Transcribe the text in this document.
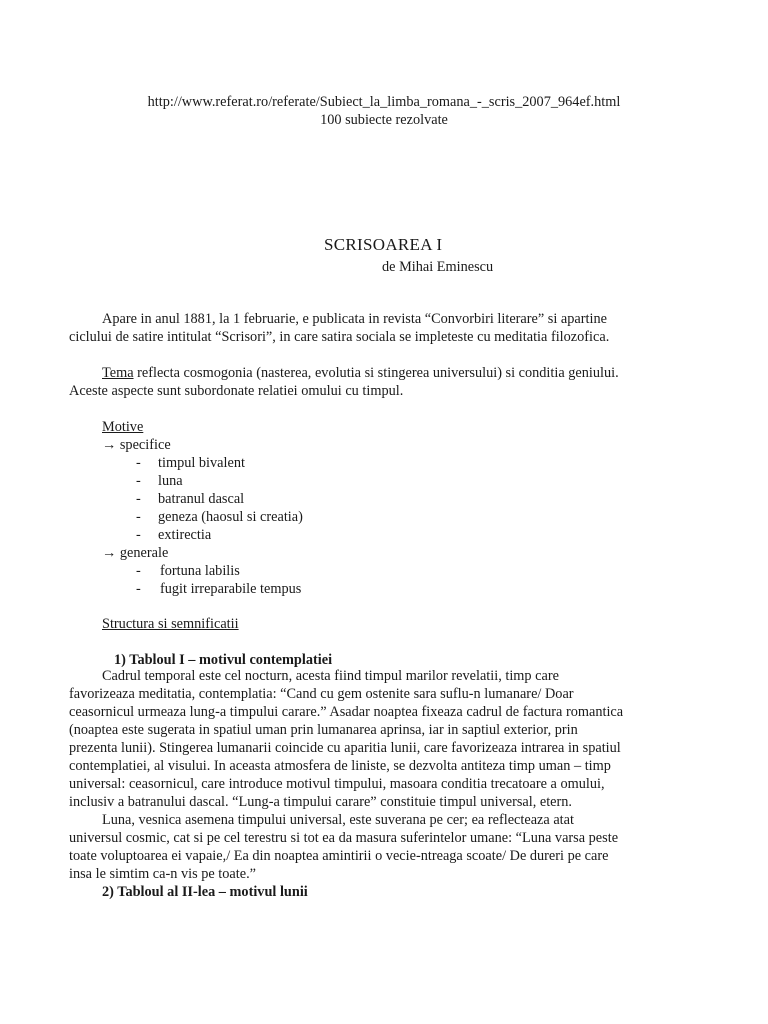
http://www.referat.ro/referate/Subiect_la_limba_romana_-_scris_2007_964ef.html
100 subiecte rezolvate
SCRISOAREA I
de Mihai Eminescu
Apare in anul 1881, la 1 februarie, e publicata in revista “Convorbiri literare” si apartine
ciclului de satire intitulat “Scrisori”, in care satira sociala se impleteste cu meditatia filozofica.
Tema reflecta cosmogonia (nasterea, evolutia si stingerea universului) si conditia geniului.
Aceste aspecte sunt subordonate relatiei omului cu timpul.
Motive
→ specifice
- timpul bivalent
- luna
- batranul dascal
- geneza (haosul si creatia)
- extirectia
→ generale
- fortuna labilis
- fugit irreparabile tempus
Structura si semnificatii
1) Tabloul I – motivul contemplatiei
Cadrul temporal este cel nocturn, acesta fiind timpul marilor revelatii, timp care
favorizeaza meditatia, contemplatia: “Cand cu gem ostenite sara suflu-n lumanare/ Doar
ceasornicul urmeaza lung-a timpului carare.” Asadar noaptea fixeaza cadrul de factura romantica
(noaptea este sugerata in spatiul uman prin lumanarea aprinsa, iar in saptiul exterior, prin
prezenta lunii). Stingerea lumanarii coincide cu aparitia lunii, care favorizeaza intrarea in spatiul
contemplatiei, al visului. In aceasta atmosfera de liniste, se dezvolta antiteza timp uman – timp
universal: ceasornicul, care introduce motivul timpului, masoara conditia trecatoare a omului,
inclusiv a batranului dascal. “Lung-a timpului carare” constituie timpul universal, etern.
Luna, vesnica asemena timpului universal, este suverana pe cer; ea reflecteaza atat
universul cosmic, cat si pe cel terestru si tot ea da masura suferintelor umane: “Luna varsa peste
toate voluptoarea ei vapaie,/ Ea din noaptea amintirii o vecie-ntreaga scoate/ De dureri pe care
insa le simtim ca-n vis pe toate.”
2) Tabloul al II-lea – motivul lunii
